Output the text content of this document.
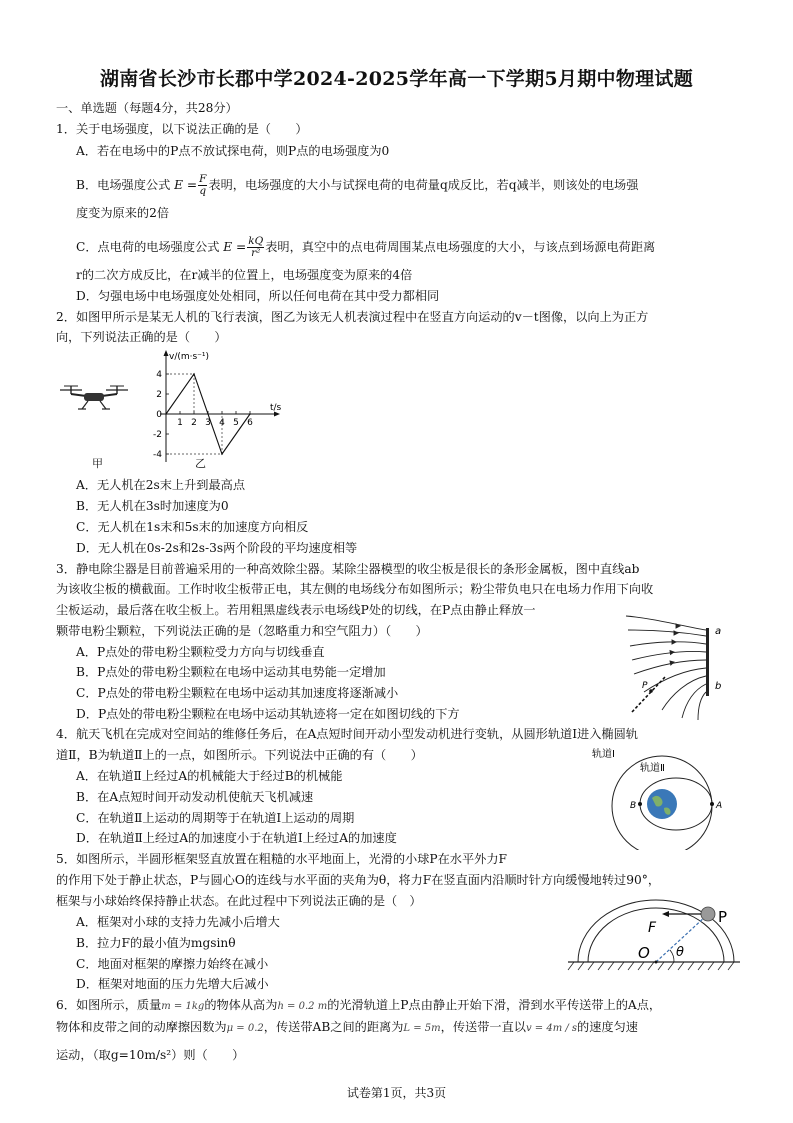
湖南省长沙市长郡中学2024-2025学年高一下学期5月期中物理试题
一、单选题（每题4分，共28分）
1．关于电场强度，以下说法正确的是（　　）
A．若在电场中的P点不放试探电荷，则P点的电场强度为0
B．电场强度公式 $E = \frac{F}{q}$ 表明，电场强度的大小与试探电荷的电荷量q成反比，若q减半，则该处的电场强
度变为原来的2倍
C．点电荷的电场强度公式 $E = \frac{kQ}{\text{r²}}$ 表明，真空中的点电荷周围某点电场强度的大小，与该点到场源电荷距离
r的二次方成反比，在r减半的位置上，电场强度变为原来的4倍
D．匀强电场中电场强度处处相同，所以任何电荷在其中受力都相同
2．如图甲所示是某无人机的飞行表演，图乙为该无人机表演过程中在竖直方向运动的v－t图像，以向上为正方
向，下列说法正确的是（　　）
甲
v/(m·s⁻¹)
t/s
4
2
0
-2
-4
1 2 3 4 5 6
乙
A．无人机在2s末上升到最高点
B．无人机在3s时加速度为0
C．无人机在1s末和5s末的加速度方向相反
D．无人机在0s-2s和2s-3s两个阶段的平均速度相等
3．静电除尘器是目前普遍采用的一种高效除尘器。某除尘器模型的收尘板是很长的条形金属板，图中直线ab
为该收尘板的横截面。工作时收尘板带正电，其左侧的电场线分布如图所示；粉尘带负电只在电场力作用下向收
尘板运动，最后落在收尘板上。若用粗黑虚线表示电场线P处的切线，在P点由静止释放一
颗带电粉尘颗粒，下列说法正确的是（忽略重力和空气阻力）（　　）
A．P点处的带电粉尘颗粒受力方向与切线垂直
B．P点处的带电粉尘颗粒在电场中运动其电势能一定增加
C．P点处的带电粉尘颗粒在电场中运动其加速度将逐渐减小
D．P点处的带电粉尘颗粒在电场中运动其轨迹将一定在如图切线的下方
P
a
b
4．航天飞机在完成对空间站的维修任务后，在A点短时间开动小型发动机进行变轨，从圆形轨道Ⅰ进入椭圆轨
道Ⅱ，B为轨道Ⅱ上的一点，如图所示。下列说法中正确的有（　　）
A．在轨道Ⅱ上经过A的机械能大于经过B的机械能
B．在A点短时间开动发动机使航天飞机减速
C．在轨道Ⅱ上运动的周期等于在轨道Ⅰ上运动的周期
D．在轨道Ⅱ上经过A的加速度小于在轨道Ⅰ上经过A的加速度
B	A
轨道Ⅰ
轨道Ⅱ
5．如图所示，半圆形框架竖直放置在粗糙的水平地面上，光滑的小球P在水平外力F
的作用下处于静止状态，P与圆心O的连线与水平面的夹角为θ，将力F在竖直面内沿顺时针方向缓慢地转过90°，
框架与小球始终保持静止状态。在此过程中下列说法正确的是（　）
A．框架对小球的支持力先减小后增大
B．拉力F的最小值为mgsinθ
C．地面对框架的摩擦力始终在减小
D．框架对地面的压力先增大后减小
F
P
O θ
6．如图所示，质量m = 1kg的物体从高为h = 0.2 m的光滑轨道上P点由静止开始下滑，滑到水平传送带上的A点，
物体和皮带之间的动摩擦因数为μ = 0.2，传送带AB之间的距离为L = 5m，传送带一直以v = 4m / s的速度匀速
运动，（取g=10m/s²）则（　　）
试卷第1页，共3页
